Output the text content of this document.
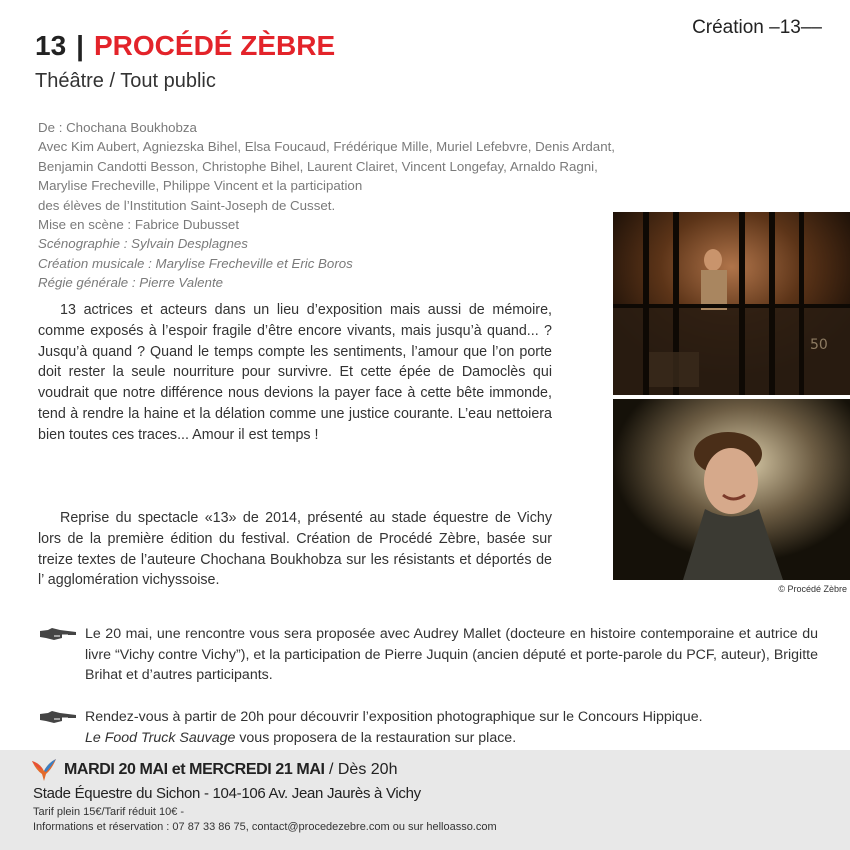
Création –13––
13 | PROCÉDÉ ZÈBRE
Théâtre / Tout public
De : Chochana Boukhobza
Avec Kim Aubert, Agniezska Bihel, Elsa Foucaud, Frédérique Mille, Muriel Lefebvre, Denis Ardant,
Benjamin Candotti Besson, Christophe Bihel, Laurent Clairet, Vincent Longefay, Arnaldo Ragni,
Marylise Frecheville, Philippe Vincent et la participation
des élèves de l’Institution Saint-Joseph de Cusset.
Mise en scène : Fabrice Dubusset
Scénographie : Sylvain Desplagnes
Création musicale : Marylise Frecheville et Eric Boros
Régie générale : Pierre Valente
13 actrices et acteurs dans un lieu d’exposition mais aussi de mémoire, comme exposés à l’espoir fragile d’être encore vivants, mais jusqu’à quand... ? Jusqu’à quand ? Quand le temps compte les sentiments, l’amour que l’on porte doit rester la seule nourriture pour survivre. Et cette épée de Damoclès qui voudrait que notre différence nous devions la payer face à cette bête immonde, tend à rendre la haine et la délation comme une justice courante. L’eau nettoiera bien toutes ces traces... Amour il est temps !
Reprise du spectacle «13» de 2014, présenté au stade équestre de Vichy lors de la première édition du festival. Création de Procédé Zèbre, basée sur treize textes de l’auteure Chochana Boukhobza sur les résistants et déportés de l’ agglomération vichyssoise.
50
© Procédé Zèbre
Le 20 mai, une rencontre vous sera proposée avec Audrey Mallet (docteure en histoire contemporaine et autrice du livre “Vichy contre Vichy”), et la participation de Pierre Juquin (ancien député et porte-parole du PCF, auteur), Brigitte Brihat et d’autres participants.
Rendez-vous à partir de 20h pour découvrir l’exposition photographique sur le Concours Hippique.
Le Food Truck Sauvage vous proposera de la restauration sur place.
MARDI 20 MAI et MERCREDI 21 MAI / Dès 20h
Stade Équestre du Sichon - 104-106 Av. Jean Jaurès à Vichy
Tarif plein 15€/Tarif réduit 10€ -
Informations et réservation : 07 87 33 86 75, contact@procedezebre.com ou sur helloasso.com
